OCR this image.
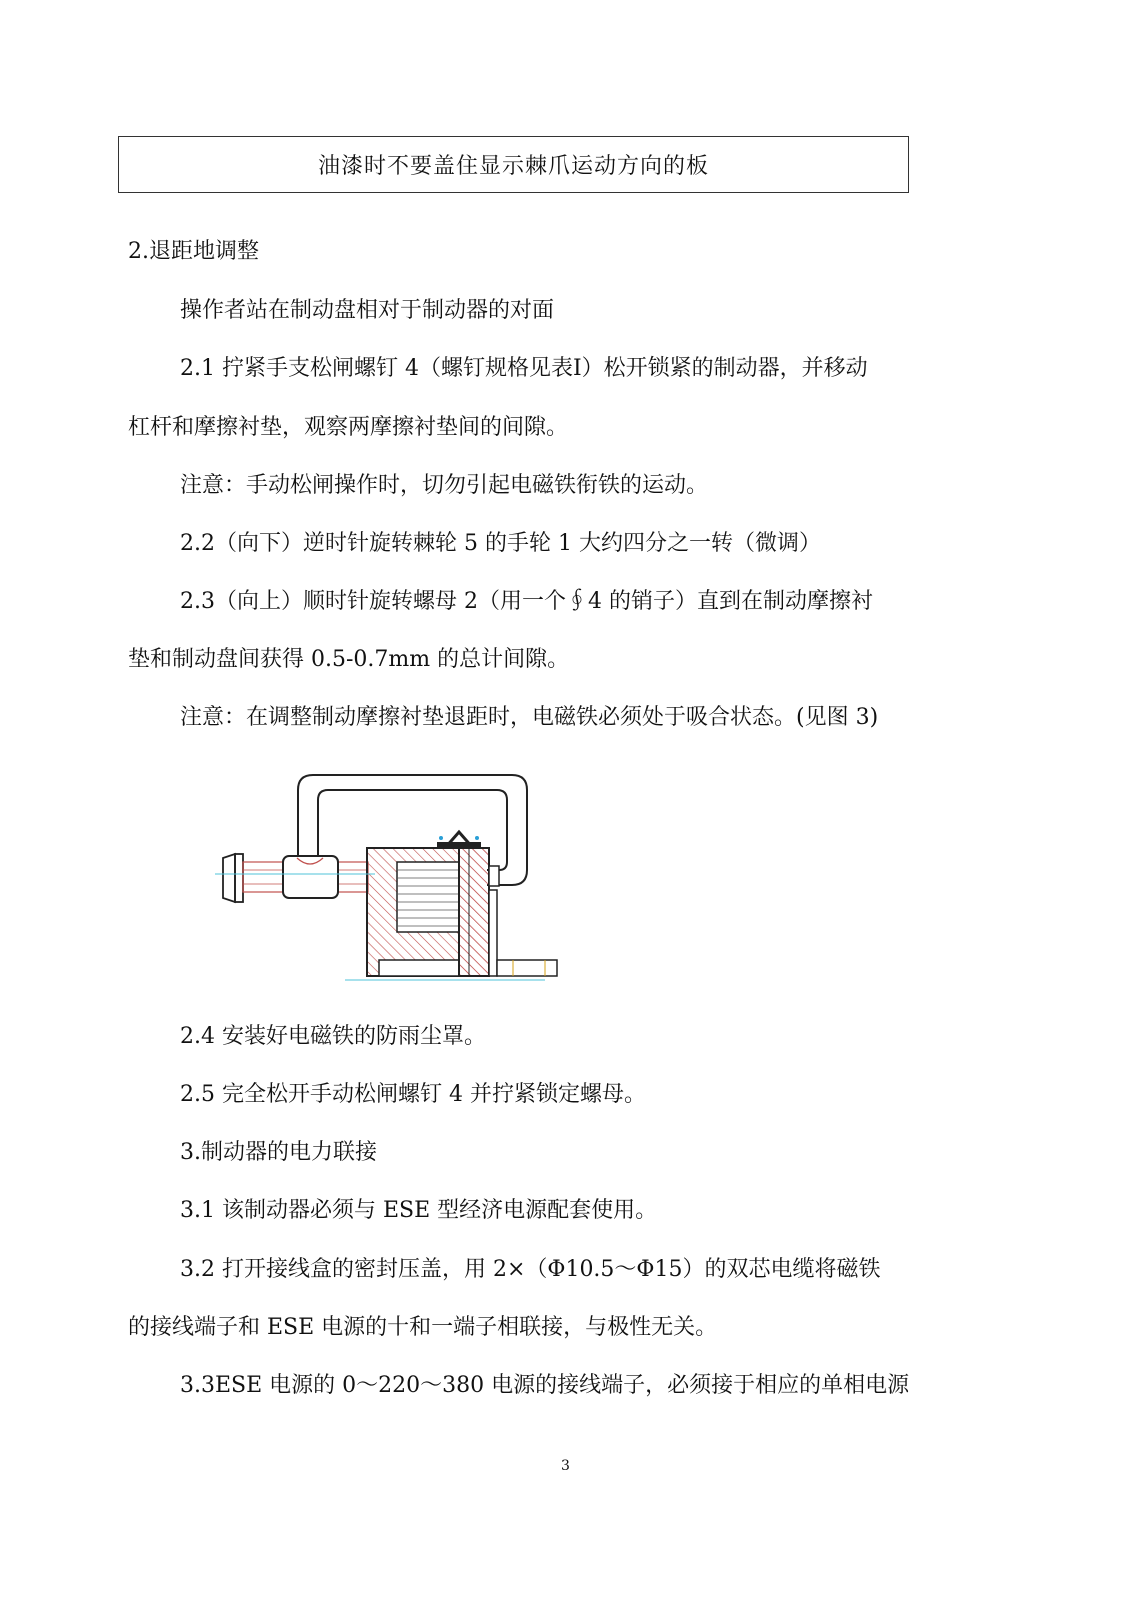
油漆时不要盖住显示棘爪运动方向的板
2.退距地调整
操作者站在制动盘相对于制动器的对面
2.1 拧紧手支松闸螺钉 4（螺钉规格见表Ⅰ）松开锁紧的制动器，并移动
杠杆和摩擦衬垫，观察两摩擦衬垫间的间隙。
注意：手动松闸操作时，切勿引起电磁铁衔铁的运动。
2.2（向下）逆时针旋转棘轮 5 的手轮 1 大约四分之一转（微调）
2.3（向上）顺时针旋转螺母 2（用一个∮4 的销子）直到在制动摩擦衬
垫和制动盘间获得 0.5-0.7mm 的总计间隙。
注意：在调整制动摩擦衬垫退距时，电磁铁必须处于吸合状态。(见图 3)
2.4 安装好电磁铁的防雨尘罩。
2.5 完全松开手动松闸螺钉 4 并拧紧锁定螺母。
3.制动器的电力联接
3.1 该制动器必须与 ESE 型经济电源配套使用。
3.2 打开接线盒的密封压盖，用 2×（Φ10.5～Φ15）的双芯电缆将磁铁
的接线端子和 ESE 电源的十和一端子相联接，与极性无关。
3.3ESE 电源的 0～220～380 电源的接线端子，必须接于相应的单相电源
3
